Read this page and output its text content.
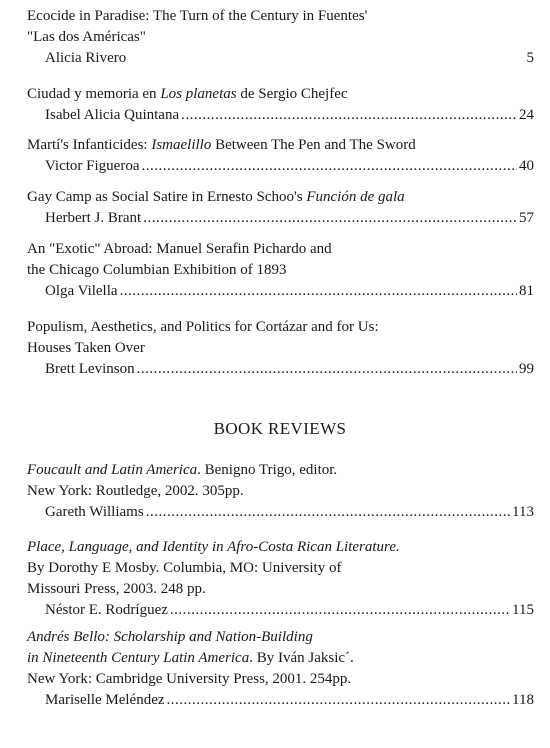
Ecocide in Paradise: The Turn of the Century in Fuentes'
"Las dos Américas"
Alicia Rivero	5
Ciudad y memoria en Los planetas de Sergio Chejfec
Isabel Alicia Quintana .....	24
Martí's Infanticides: Ismaelillo Between The Pen and The Sword
Victor Figueroa .....	40
Gay Camp as Social Satire in Ernesto Schoo's Función de gala
Herbert J. Brant .....	57
An "Exotic" Abroad: Manuel Serafin Pichardo and
the Chicago Columbian Exhibition of 1893
Olga Vilella .....	81
Populism, Aesthetics, and Politics for Cortázar and for Us:
Houses Taken Over
Brett Levinson .....	99
BOOK REVIEWS
Foucault and Latin America. Benigno Trigo, editor.
New York: Routledge, 2002. 305pp.
Gareth Williams .....	113
Place, Language, and Identity in Afro-Costa Rican Literature.
By Dorothy E Mosby. Columbia, MO: University of
Missouri Press, 2003. 248 pp.
Néstor E. Rodríguez .....	115
Andrés Bello: Scholarship and Nation-Building
in Nineteenth Century Latin America. By Iván Jaksic´.
New York: Cambridge University Press, 2001. 254pp.
Mariselle Meléndez .....	118
